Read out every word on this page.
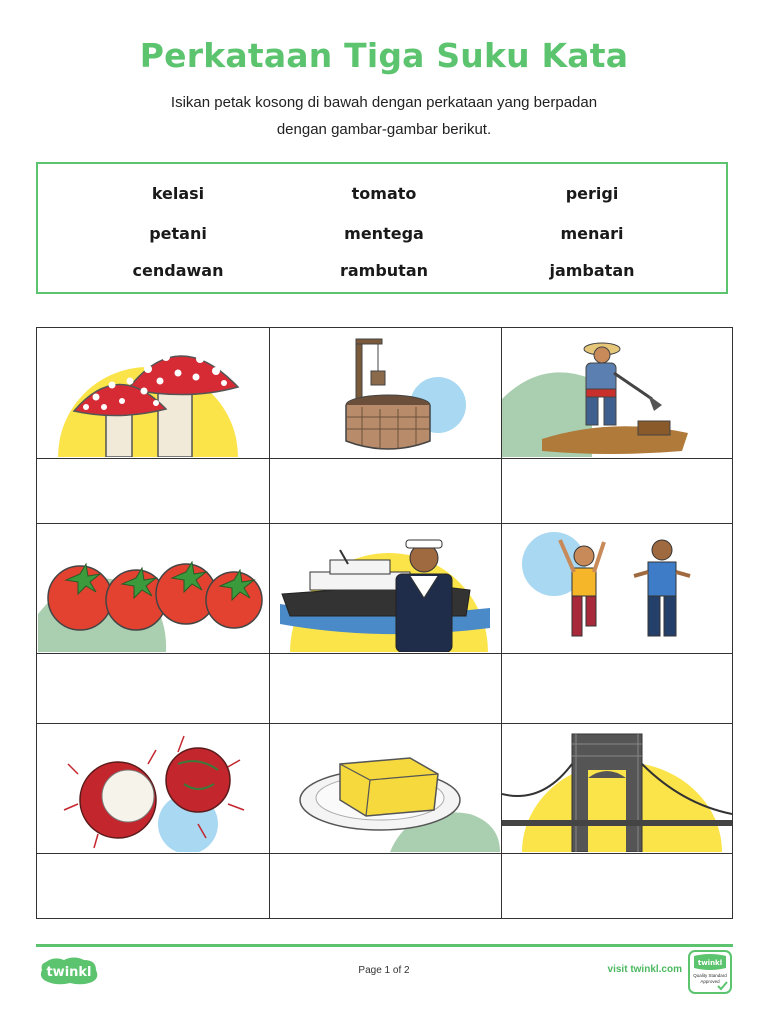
Perkataan Tiga Suku Kata
Isikan petak kosong di bawah dengan perkataan yang berpadan
dengan gambar-gambar berikut.
kelasi	tomato	perigi
petani	mentega	menari
cendawan	rambutan	jambatan
twinkl	Page 1 of 2	visit twinkl.com
twinkl
Quality Standard
Approved
